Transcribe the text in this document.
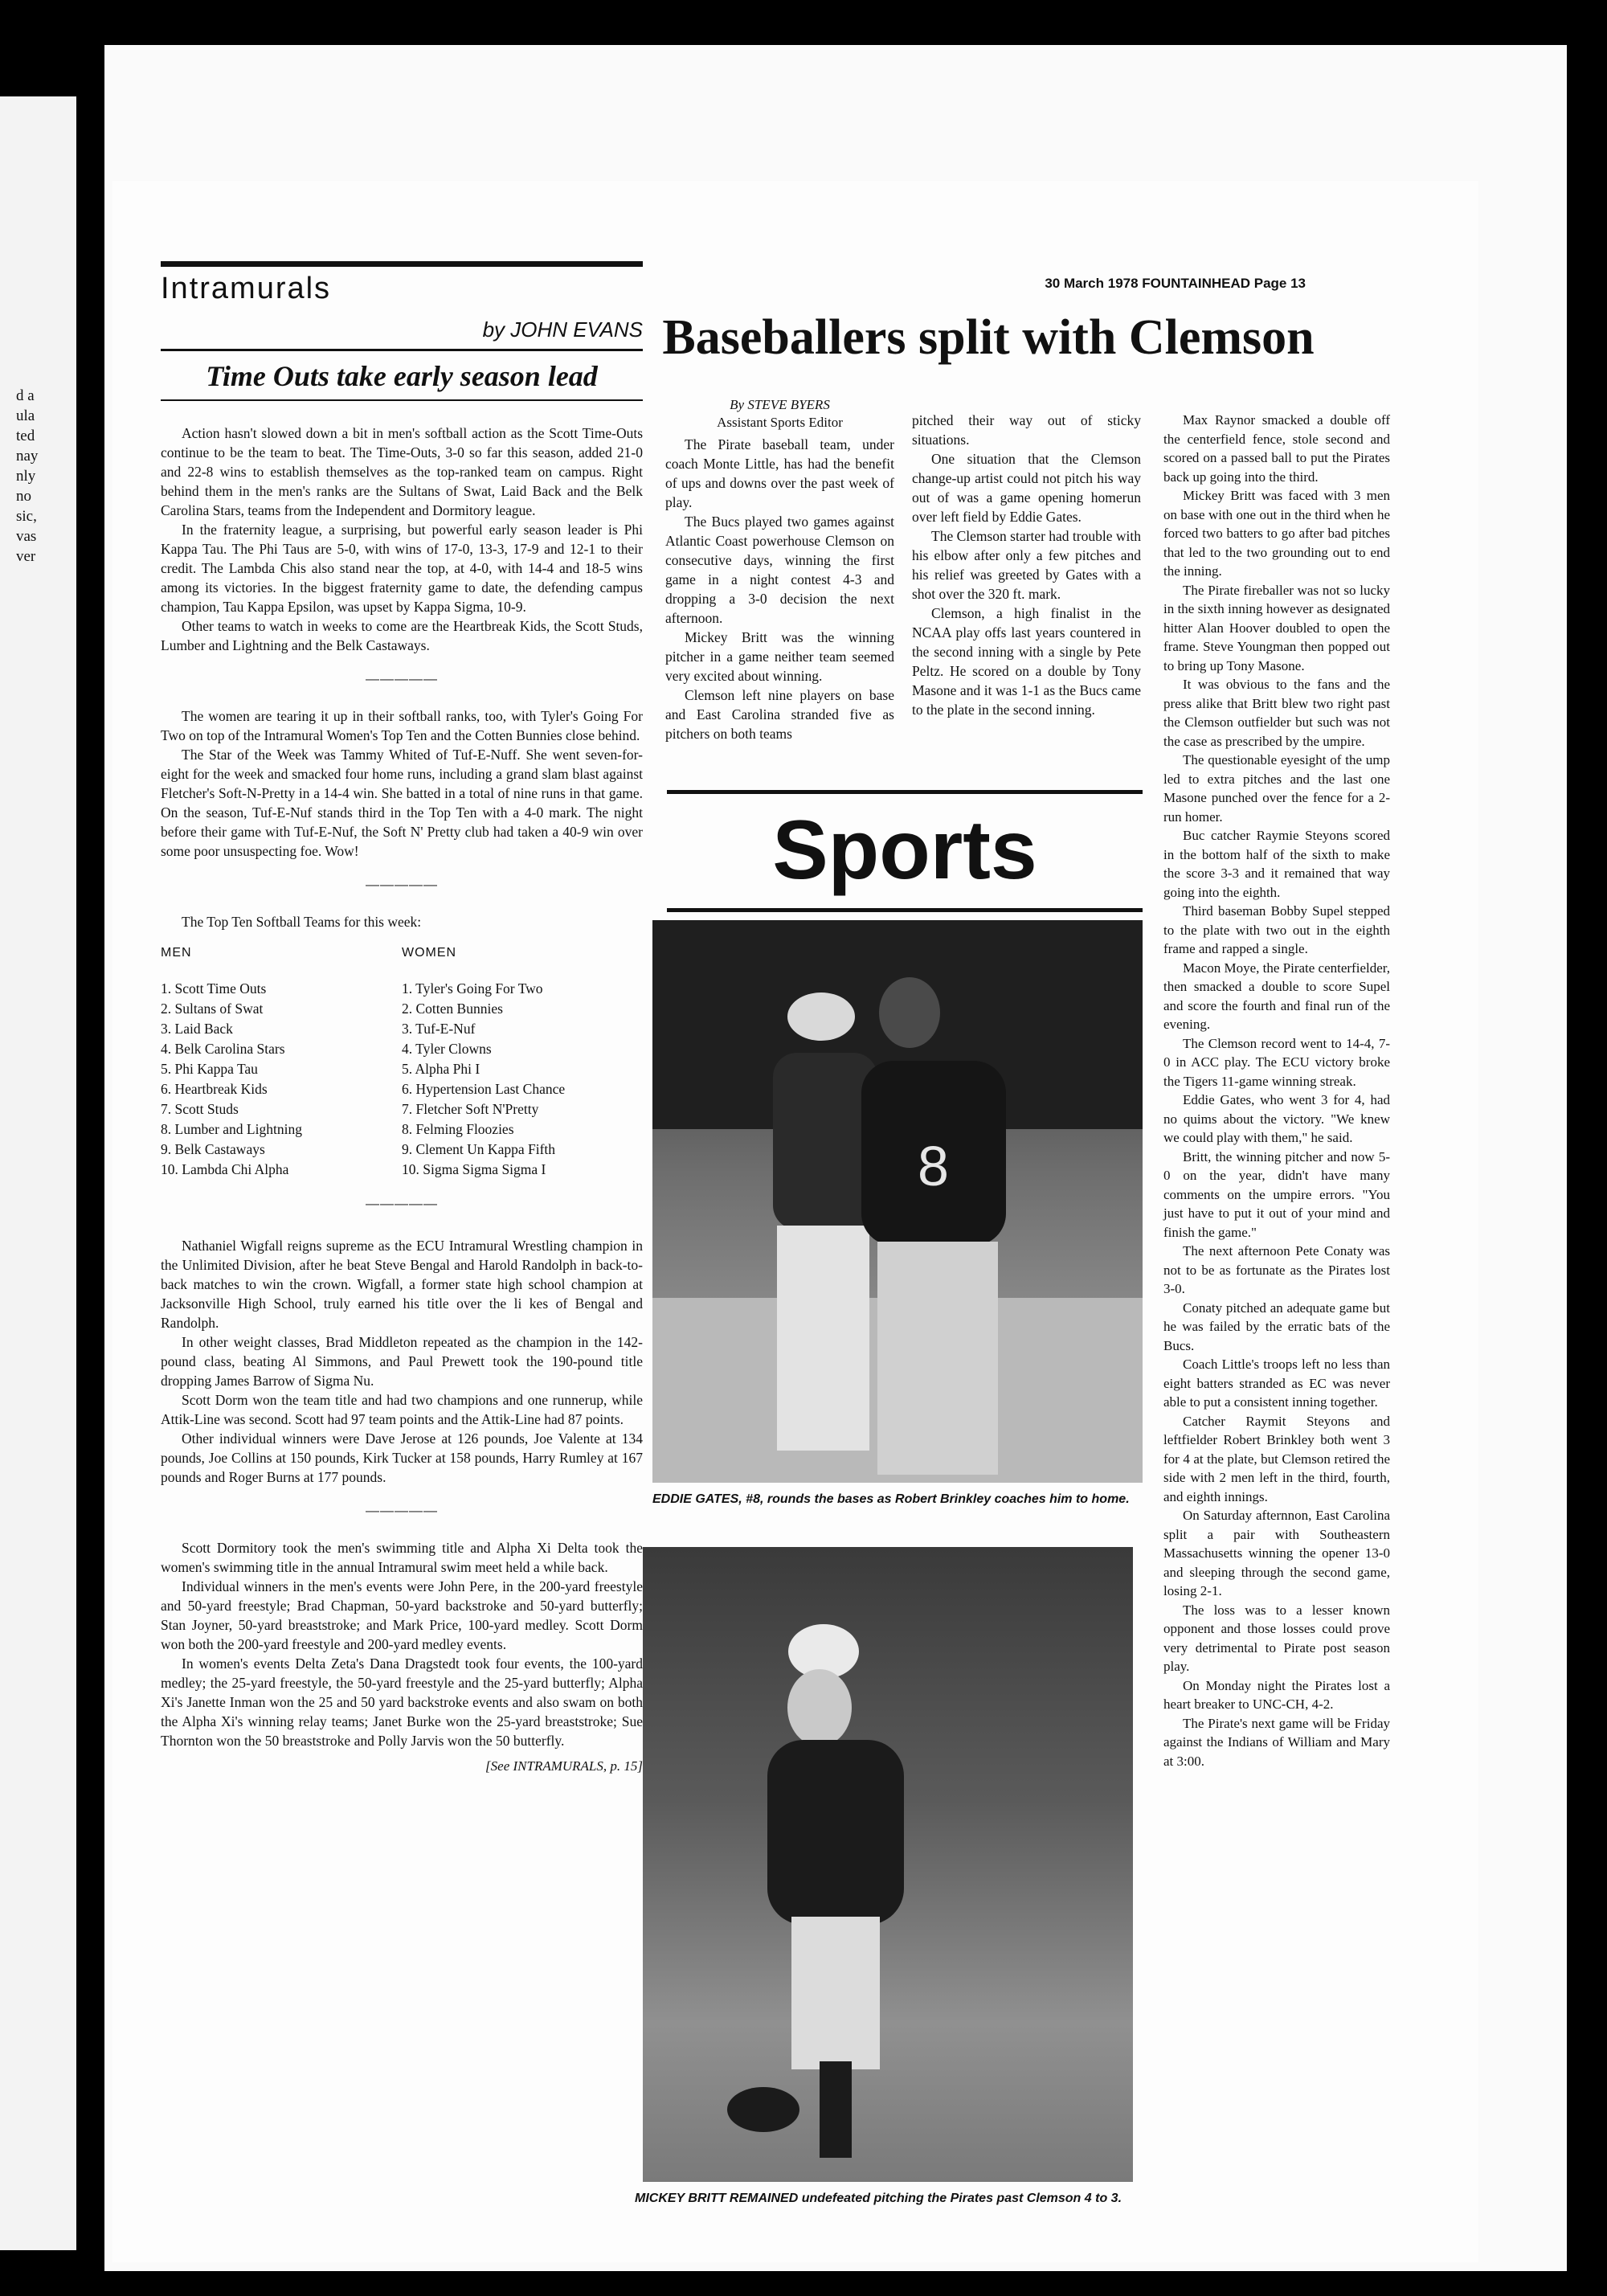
d a
ula
ted
nay
nly
no
sic,
vas
ver
Intramurals
by JOHN EVANS
Time Outs take early season lead

Action hasn't slowed down a bit in men's softball action as the Scott Time-Outs continue to be the team to beat. The Time-Outs, 3-0 so far this season, added 21-0 and 22-8 wins to establish themselves as the top-ranked team on campus. Right behind them in the men's ranks are the Sultans of Swat, Laid Back and the Belk Carolina Stars, teams from the Independent and Dormitory league.

In the fraternity league, a surprising, but powerful early season leader is Phi Kappa Tau. The Phi Taus are 5-0, with wins of 17-0, 13-3, 17-9 and 12-1 to their credit. The Lambda Chis also stand near the top, at 4-0, with 14-4 and 18-5 wins among its victories. In the biggest fraternity game to date, the defending campus champion, Tau Kappa Epsilon, was upset by Kappa Sigma, 10-9.

Other teams to watch in weeks to come are the Heartbreak Kids, the Scott Studs, Lumber and Lightning and the Belk Castaways.

—————

The women are tearing it up in their softball ranks, too, with Tyler's Going For Two on top of the Intramural Women's Top Ten and the Cotten Bunnies close behind.

The Star of the Week was Tammy Whited of Tuf-E-Nuff. She went seven-for-eight for the week and smacked four home runs, including a grand slam blast against Fletcher's Soft-N-Pretty in a 14-4 win. She batted in a total of nine runs in that game. On the season, Tuf-E-Nuf stands third in the Top Ten with a 4-0 mark. The night before their game with Tuf-E-Nuf, the Soft N' Pretty club had taken a 40-9 win over some poor unsuspecting foe. Wow!

—————

The Top Ten Softball Teams for this week:

MEN
1. Scott Time Outs
2. Sultans of Swat
3. Laid Back
4. Belk Carolina Stars
5. Phi Kappa Tau
6. Heartbreak Kids
7. Scott Studs
8. Lumber and Lightning
9. Belk Castaways
10. Lambda Chi Alpha
WOMEN
1. Tyler's Going For Two
2. Cotten Bunnies
3. Tuf-E-Nuf
4. Tyler Clowns
5. Alpha Phi I
6. Hypertension Last Chance
7. Fletcher Soft N'Pretty
8. Felming Floozies
9. Clement Un Kappa Fifth
10. Sigma Sigma Sigma I
—————

Nathaniel Wigfall reigns supreme as the ECU Intramural Wrestling champion in the Unlimited Division, after he beat Steve Bengal and Harold Randolph in back-to-back matches to win the crown. Wigfall, a former state high school champion at Jacksonville High School, truly earned his title over the li kes of Bengal and Randolph.

In other weight classes, Brad Middleton repeated as the champion in the 142-pound class, beating Al Simmons, and Paul Prewett took the 190-pound title dropping James Barrow of Sigma Nu.

Scott Dorm won the team title and had two champions and one runnerup, while Attik-Line was second. Scott had 97 team points and the Attik-Line had 87 points.

Other individual winners were Dave Jerose at 126 pounds, Joe Valente at 134 pounds, Joe Collins at 150 pounds, Kirk Tucker at 158 pounds, Harry Rumley at 167 pounds and Roger Burns at 177 pounds.

—————

Scott Dormitory took the men's swimming title and Alpha Xi Delta took the women's swimming title in the annual Intramural swim meet held a while back.

Individual winners in the men's events were John Pere, in the 200-yard freestyle and 50-yard freestyle; Brad Chapman, 50-yard backstroke and 50-yard butterfly; Stan Joyner, 50-yard breaststroke; and Mark Price, 100-yard medley. Scott Dorm won both the 200-yard freestyle and 200-yard medley events.

In women's events Delta Zeta's Dana Dragstedt took four events, the 100-yard medley; the 25-yard freestyle, the 50-yard freestyle and the 25-yard butterfly; Alpha Xi's Janette Inman won the 25 and 50 yard backstroke events and also swam on both the Alpha Xi's winning relay teams; Janet Burke won the 25-yard breaststroke; Sue Thornton won the 50 breaststroke and Polly Jarvis won the 50 butterfly.

[See INTRAMURALS, p. 15]
30 March 1978 FOUNTAINHEAD Page 13
Baseballers split with Clemson
By STEVE BYERS
Assistant Sports Editor

The Pirate baseball team, under coach Monte Little, has had the benefit of ups and downs over the past week of play.

The Bucs played two games against Atlantic Coast powerhouse Clemson on consecutive days, winning the first game in a night contest 4-3 and dropping a 3-0 decision the next afternoon.

Mickey Britt was the winning pitcher in a game neither team seemed very excited about winning.

Clemson left nine players on base and East Carolina stranded five as pitchers on both teams

pitched their way out of sticky situations.

One situation that the Clemson change-up artist could not pitch his way out of was a game opening homerun over left field by Eddie Gates.

The Clemson starter had trouble with his elbow after only a few pitches and his relief was greeted by Gates with a shot over the 320 ft. mark.

Clemson, a high finalist in the NCAA play offs last years countered in the second inning with a single by Pete Peltz. He scored on a double by Tony Masone and it was 1-1 as the Bucs came to the plate in the second inning.

Max Raynor smacked a double off the centerfield fence, stole second and scored on a passed ball to put the Pirates back up going into the third.

Mickey Britt was faced with 3 men on base with one out in the third when he forced two batters to go after bad pitches that led to the two grounding out to end the inning.

The Pirate fireballer was not so lucky in the sixth inning however as designated hitter Alan Hoover doubled to open the frame. Steve Youngman then popped out to bring up Tony Masone.

It was obvious to the fans and the press alike that Britt blew two right past the Clemson outfielder but such was not the case as prescribed by the umpire.

The questionable eyesight of the ump led to extra pitches and the last one Masone punched over the fence for a 2-run homer.

Buc catcher Raymie Steyons scored in the bottom half of the sixth to make the score 3-3 and it remained that way going into the eighth.

Third baseman Bobby Supel stepped to the plate with two out in the eighth frame and rapped a single.

Macon Moye, the Pirate centerfielder, then smacked a double to score Supel and score the fourth and final run of the evening.

The Clemson record went to 14-4, 7-0 in ACC play. The ECU victory broke the Tigers 11-game winning streak.

Eddie Gates, who went 3 for 4, had no quims about the victory. "We knew we could play with them," he said.

Britt, the winning pitcher and now 5-0 on the year, didn't have many comments on the umpire errors. "You just have to put it out of your mind and finish the game."

The next afternoon Pete Conaty was not to be as fortunate as the Pirates lost 3-0.

Conaty pitched an adequate game but he was failed by the erratic bats of the Bucs.

Coach Little's troops left no less than eight batters stranded as EC was never able to put a consistent inning together.

Catcher Raymit Steyons and leftfielder Robert Brinkley both went 3 for 4 at the plate, but Clemson retired the side with 2 men left in the third, fourth, and eighth innings.

On Saturday afternnon, East Carolina split a pair with Southeastern Massachusetts winning the opener 13-0 and sleeping through the second game, losing 2-1.

The loss was to a lesser known opponent and those losses could prove very detrimental to Pirate post season play.

On Monday night the Pirates lost a heart breaker to UNC-CH, 4-2.

The Pirate's next game will be Friday against the Indians of William and Mary at 3:00.

Sports
8
EDDIE GATES, #8, rounds the bases as Robert Brinkley coaches him to home.
MICKEY BRITT REMAINED undefeated pitching the Pirates past Clemson 4 to 3.
